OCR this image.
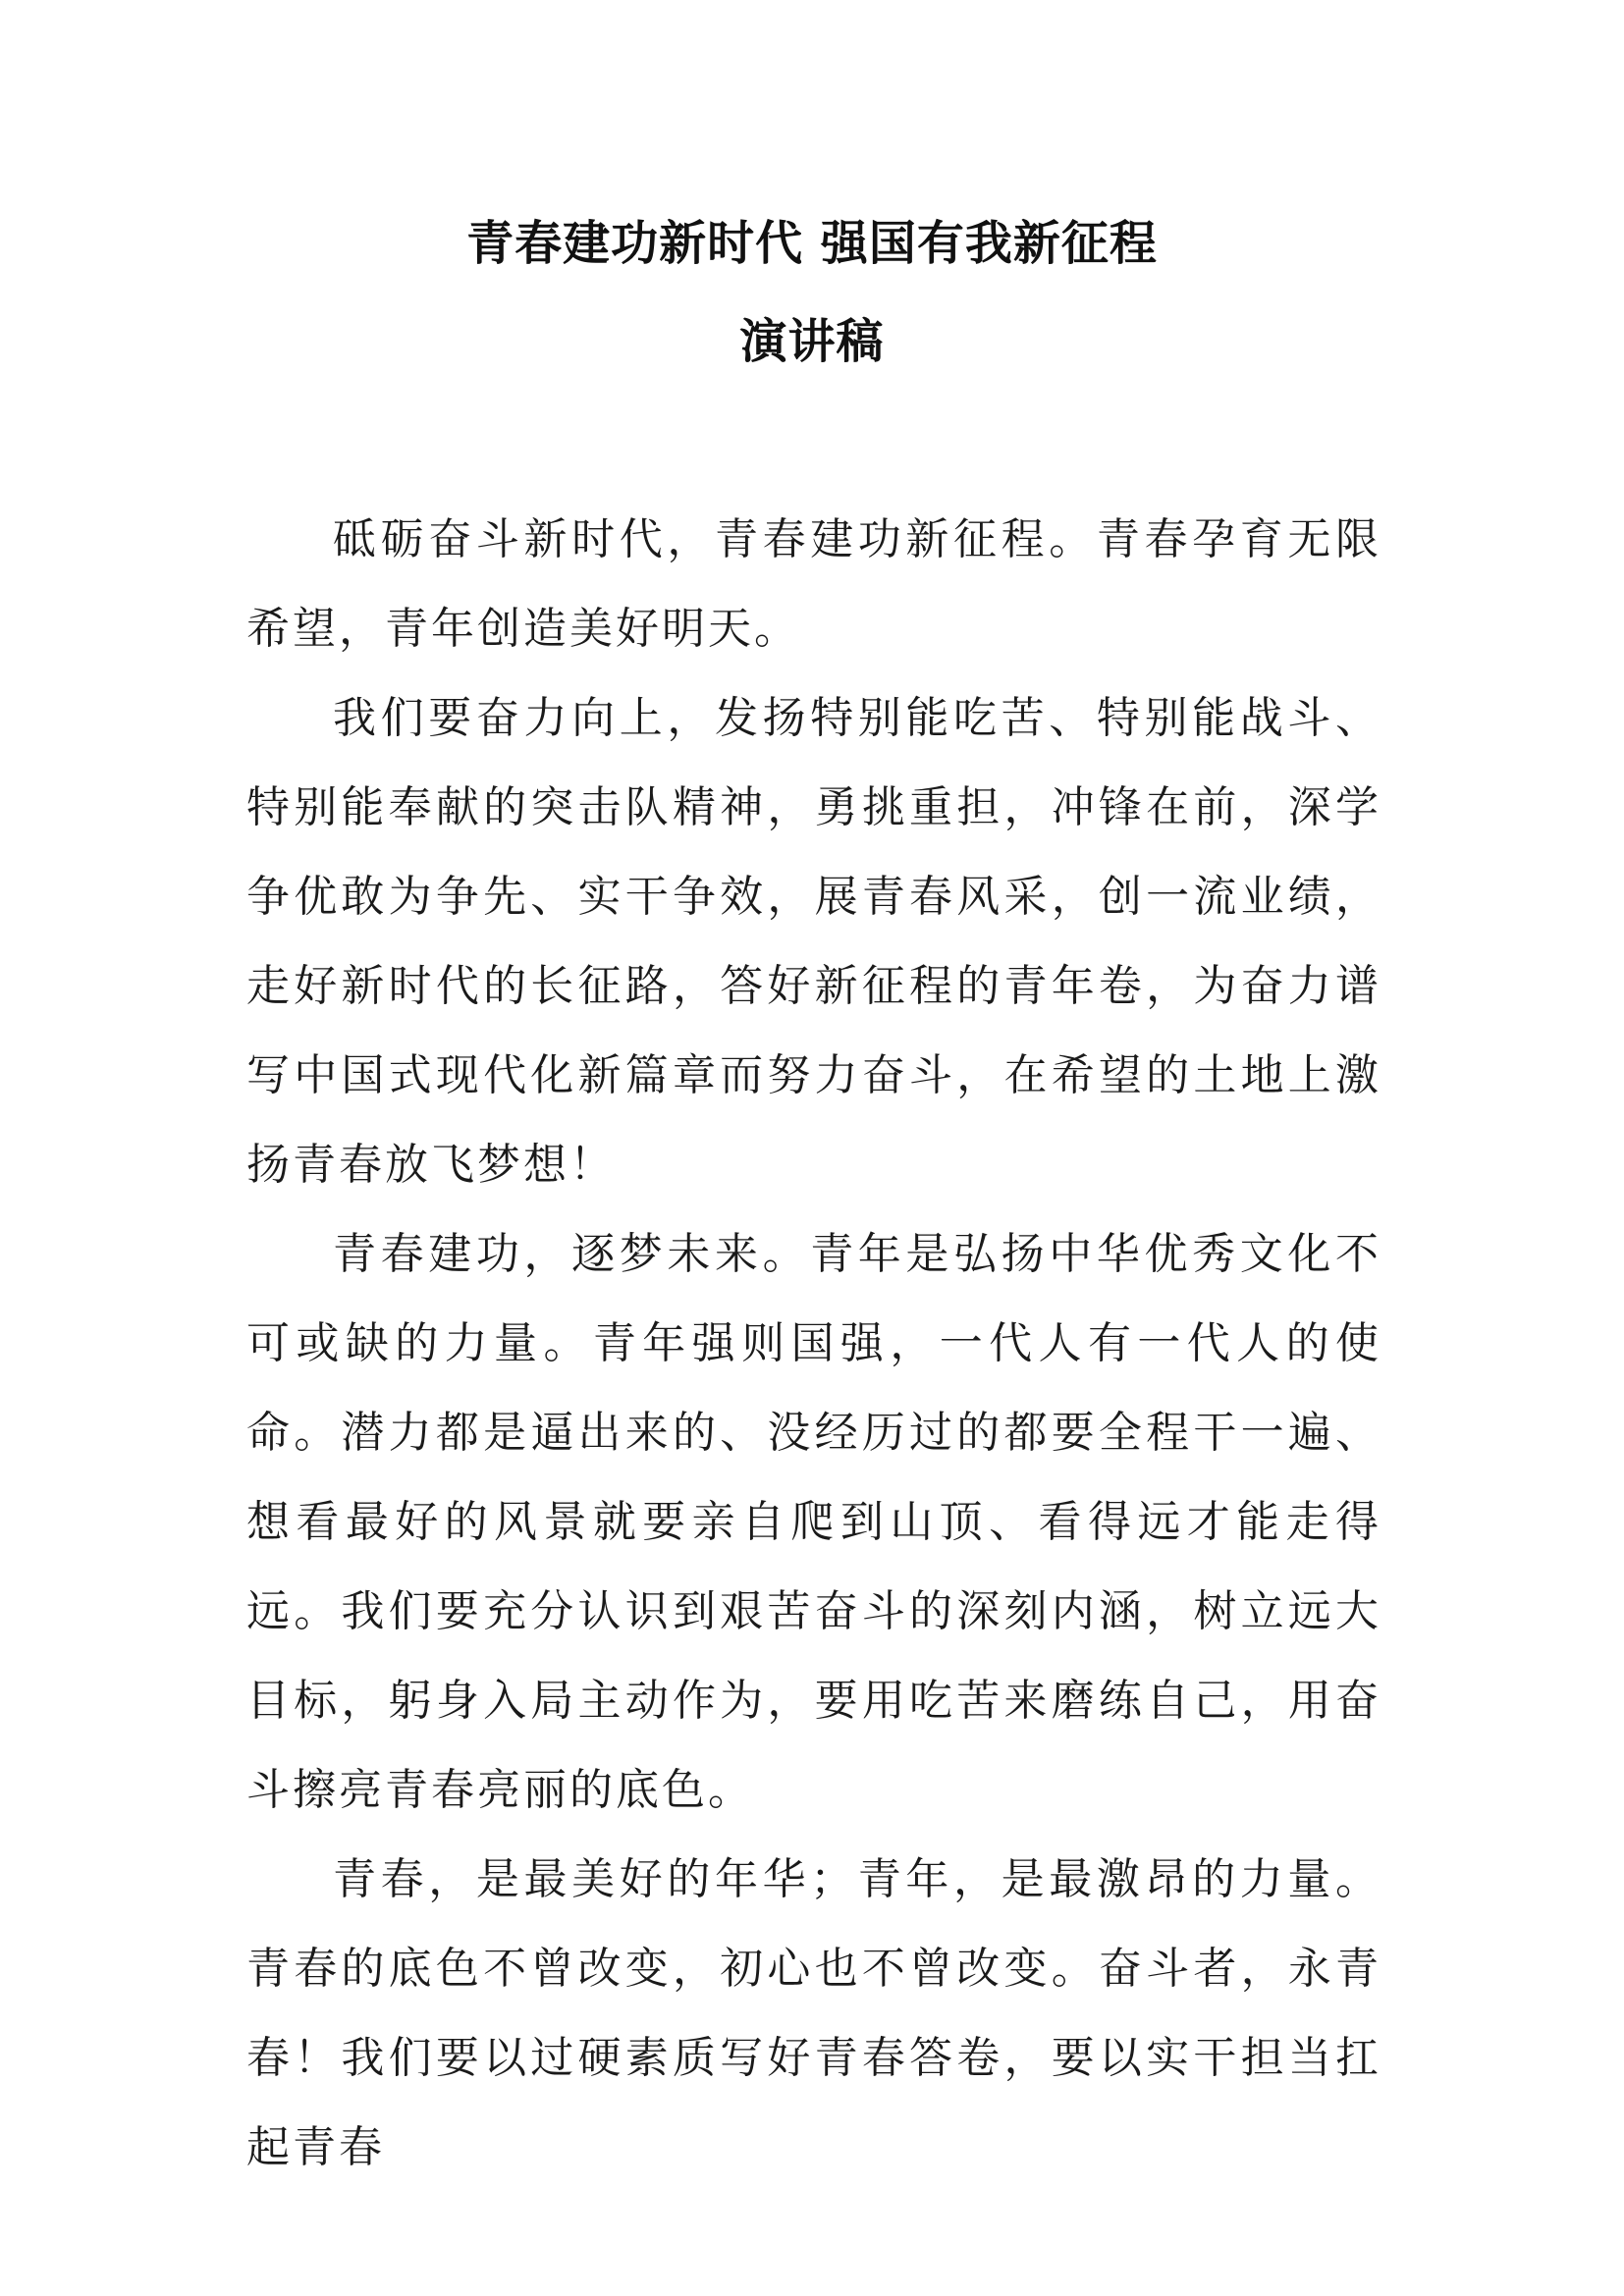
青春建功新时代 强国有我新征程
演讲稿

砥砺奋斗新时代，青春建功新征程。青春孕育无限希望，青年创造美好明天。

我们要奋力向上，发扬特别能吃苦、特别能战斗、特别能奉献的突击队精神，勇挑重担，冲锋在前，深学争优敢为争先、实干争效，展青春风采，创一流业绩，走好新时代的长征路，答好新征程的青年卷，为奋力谱写中国式现代化新篇章而努力奋斗，在希望的土地上激扬青春放飞梦想！

青春建功，逐梦未来。青年是弘扬中华优秀文化不可或缺的力量。青年强则国强，一代人有一代人的使命。潜力都是逼出来的、没经历过的都要全程干一遍、想看最好的风景就要亲自爬到山顶、看得远才能走得远。我们要充分认识到艰苦奋斗的深刻内涵，树立远大目标，躬身入局主动作为，要用吃苦来磨练自己，用奋斗擦亮青春亮丽的底色。

青春，是最美好的年华；青年，是最激昂的力量。青春的底色不曾改变，初心也不曾改变。奋斗者，永青春！我们要以过硬素质写好青春答卷，要以实干担当扛起青春
